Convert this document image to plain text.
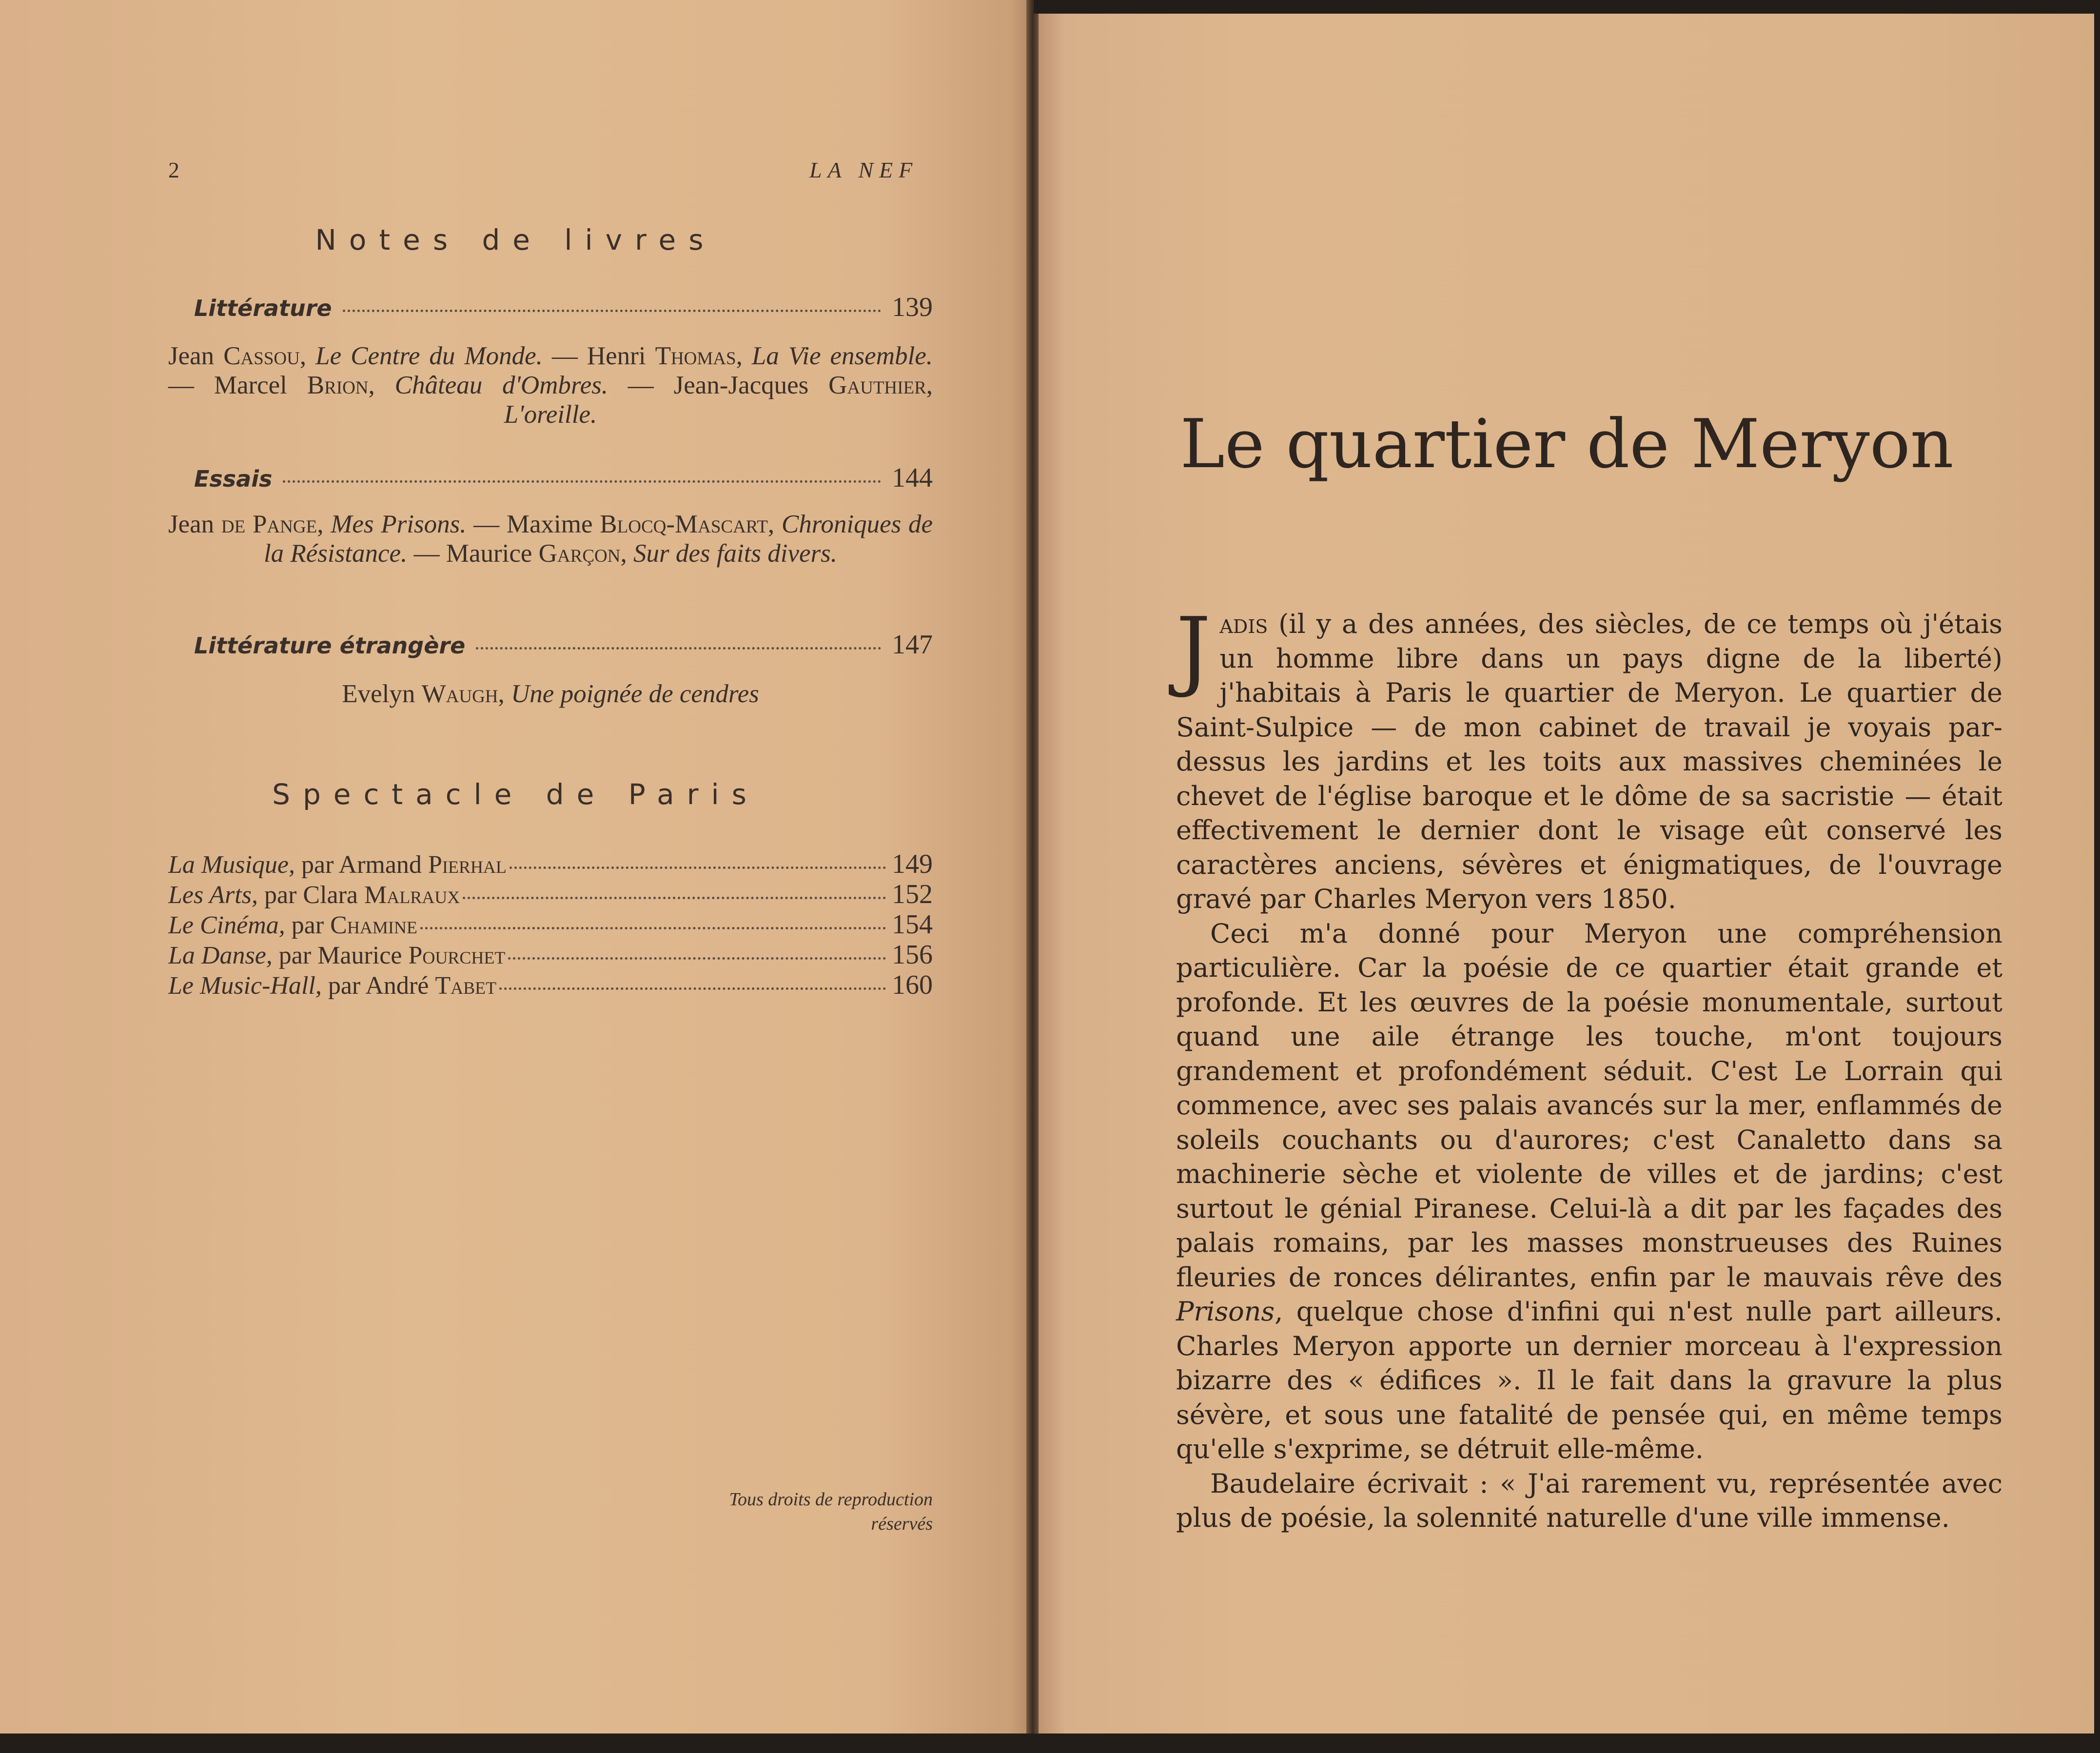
2	LA NEF
Notes de livres
Littérature	139
Jean Cassou, Le Centre du Monde. — Henri Thomas, La Vie ensemble. — Marcel Brion, Château d'Ombres. — Jean-Jacques Gauthier, L'oreille.
Essais	144
Jean de Pange, Mes Prisons. — Maxime Blocq-Mascart, Chroniques de la Résistance. — Maurice Garçon, Sur des faits divers.
Littérature étrangère	147
Evelyn Waugh, Une poignée de cendres
Spectacle de Paris
La Musique, par Armand Pierhal	149
Les Arts, par Clara Malraux	152
Le Cinéma, par Chamine	154
La Danse, par Maurice Pourchet	156
Le Music-Hall, par André Tabet	160
Tous droits de reproduction
réservés
Le quartier de Meryon

Jadis (il y a des années, des siècles, de ce temps où j'étais un homme libre dans un pays digne de la liberté) j'habitais à Paris le quartier de Meryon. Le quartier de Saint-Sulpice — de mon cabinet de travail je voyais par-dessus les jardins et les toits aux massives cheminées le chevet de l'église baroque et le dôme de sa sacristie — était effectivement le dernier dont le visage eût conservé les caractères anciens, sévères et énigmatiques, de l'ouvrage gravé par Charles Meryon vers 1850.

Ceci m'a donné pour Meryon une compréhension particulière. Car la poésie de ce quartier était grande et profonde. Et les œuvres de la poésie monumentale, surtout quand une aile étrange les touche, m'ont toujours grandement et profondément séduit. C'est Le Lorrain qui commence, avec ses palais avancés sur la mer, enflammés de soleils couchants ou d'aurores; c'est Canaletto dans sa machinerie sèche et violente de villes et de jardins; c'est surtout le génial Piranese. Celui-là a dit par les façades des palais romains, par les masses monstrueuses des Ruines fleuries de ronces délirantes, enfin par le mauvais rêve des Prisons, quelque chose d'infini qui n'est nulle part ailleurs. Charles Meryon apporte un dernier morceau à l'expression bizarre des « édifices ». Il le fait dans la gravure la plus sévère, et sous une fatalité de pensée qui, en même temps qu'elle s'exprime, se détruit elle-même.

Baudelaire écrivait : « J'ai rarement vu, représentée avec plus de poésie, la solennité naturelle d'une ville immense.
